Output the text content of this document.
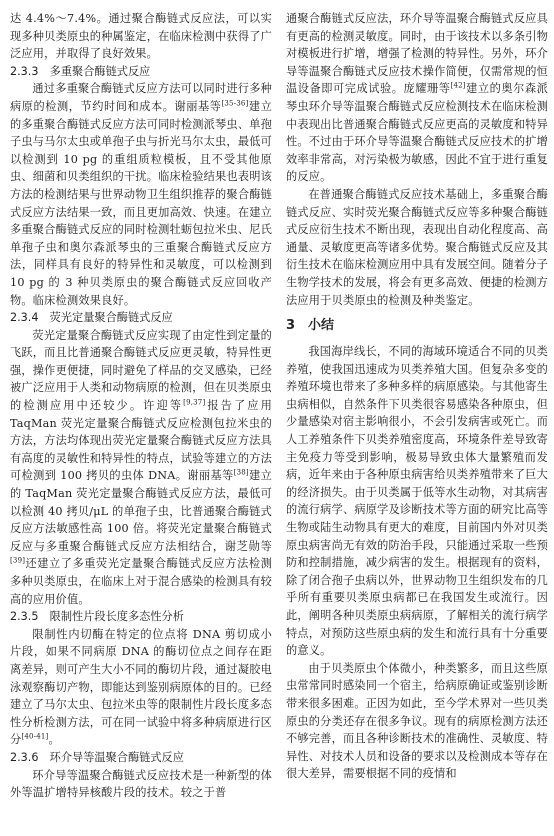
达 4.4%～7.4%。通过聚合酶链式反应法，可以实现多种贝类原虫的种属鉴定，在临床检测中获得了广泛应用，并取得了良好效果。

2.3.3　多重聚合酶链式反应

通过多重聚合酶链式反应方法可以同时进行多种病原的检测，节约时间和成本。谢丽基等[35-36]建立的多重聚合酶链式反应方法可同时检测派琴虫、单孢子虫与马尔太虫或单孢子虫与折光马尔太虫，最低可以检测到 10 pg 的重组质粒模板，且不受其他原虫、细菌和贝类组织的干扰。临床检验结果也表明该方法的检测结果与世界动物卫生组织推荐的聚合酶链式反应方法结果一致，而且更加高效、快速。在建立多重聚合酶链式反应的同时检测牡蛎包拉米虫、尼氏单孢子虫和奥尔森派琴虫的三重聚合酶链式反应方法，同样具有良好的特异性和灵敏度，可以检测到 10 pg 的 3 种贝类原虫的聚合酶链式反应回收产物。临床检测效果良好。

2.3.4　荧光定量聚合酶链式反应

荧光定量聚合酶链式反应实现了由定性到定量的飞跃，而且比普通聚合酶链式反应更灵敏，特异性更强，操作更便捷，同时避免了样品的交叉感染，已经被广泛应用于人类和动物病原的检测，但在贝类原虫的检测应用中还较少。许迎等[9,37]报告了应用 TaqMan 荧光定量聚合酶链式反应检测包拉米虫的方法，方法均体现出荧光定量聚合酶链式反应方法具有高度的灵敏性和特异性的特点，试验等建立的方法可检测到 100 拷贝的虫体 DNA。谢丽基等[38]建立的 TaqMan 荧光定量聚合酶链式反应方法，最低可以检测 40 拷贝/μL 的单孢子虫，比普通聚合酶链式反应方法敏感性高 100 倍。将荧光定量聚合酶链式反应与多重聚合酶链式反应方法相结合，谢芝勋等[39]还建立了多重荧光定量聚合酶链式反应方法检测多种贝类原虫，在临床上对于混合感染的检测具有较高的应用价值。

2.3.5　限制性片段长度多态性分析

限制性内切酶在特定的位点将 DNA 剪切成小片段，如果不同病原 DNA 的酶切位点之间存在距离差异，则可产生大小不同的酶切片段，通过凝胶电泳观察酶切产物，即能达到鉴别病原体的目的。已经建立了马尔太虫、包拉米虫等的限制性片段长度多态性分析检测方法，可在同一试验中将多种病原进行区分[40-41]。

2.3.6　环介导等温聚合酶链式反应

环介导等温聚合酶链式反应技术是一种新型的体外等温扩增特异核酸片段的技术。较之于普

通聚合酶链式反应法，环介导等温聚合酶链式反应具有更高的检测灵敏度。同时，由于该技术以多条引物对模板进行扩增，增强了检测的特异性。另外，环介导等温聚合酶链式反应技术操作简便，仅需常规的恒温设备即可完成试验。庞耀珊等[42]建立的奥尔森派琴虫环介导等温聚合酶链式反应检测技术在临床检测中表现出比普通聚合酶链式反应更高的灵敏度和特异性。不过由于环介导等温聚合酶链式反应技术的扩增效率非常高，对污染极为敏感，因此不宜于进行重复的反应。

在普通聚合酶链式反应技术基础上，多重聚合酶链式反应、实时荧光聚合酶链式反应等多种聚合酶链式反应衍生技术不断出现，表现出自动化程度高、高通量、灵敏度更高等诸多优势。聚合酶链式反应及其衍生技术在临床检测应用中具有发展空间。随着分子生物学技术的发展，将会有更多高效、便捷的检测方法应用于贝类原虫的检测及种类鉴定。

3 小结

我国海岸线长，不同的海域环境适合不同的贝类养殖，使我国迅速成为贝类养殖大国。但复杂多变的养殖环境也带来了多种多样的病原感染。与其他寄生虫病相似，自然条件下贝类很容易感染各种原虫，但少量感染对宿主影响很小，不会引发病害或死亡。而人工养殖条件下贝类养殖密度高，环境条件差导致寄主免疫力等受到影响，极易导致虫体大量繁殖而发病，近年来由于各种原虫病害给贝类养殖带来了巨大的经济损失。由于贝类属于低等水生动物，对其病害的流行病学、病原学及诊断技术等方面的研究比高等生物或陆生动物具有更大的难度，目前国内外对贝类原虫病害尚无有效的防治手段，只能通过采取一些预防和控制措施，减少病害的发生。根据现有的资料，除了闭合孢子虫病以外，世界动物卫生组织发布的几乎所有重要贝类原虫病都已在我国发生或流行。因此，阐明各种贝类原虫病病原，了解相关的流行病学特点，对预防这些原虫病的发生和流行具有十分重要的意义。

由于贝类原虫个体微小，种类繁多，而且这些原虫常常同时感染同一个宿主，给病原确证或鉴别诊断带来很多困难。正因为如此，至今学术界对一些贝类原虫的分类还存在很多争议。现有的病原检测方法还不够完善，而且各种诊断技术的准确性、灵敏度、特异性、对技术人员和设备的要求以及检测成本等存在很大差异，需要根据不同的疫情和
